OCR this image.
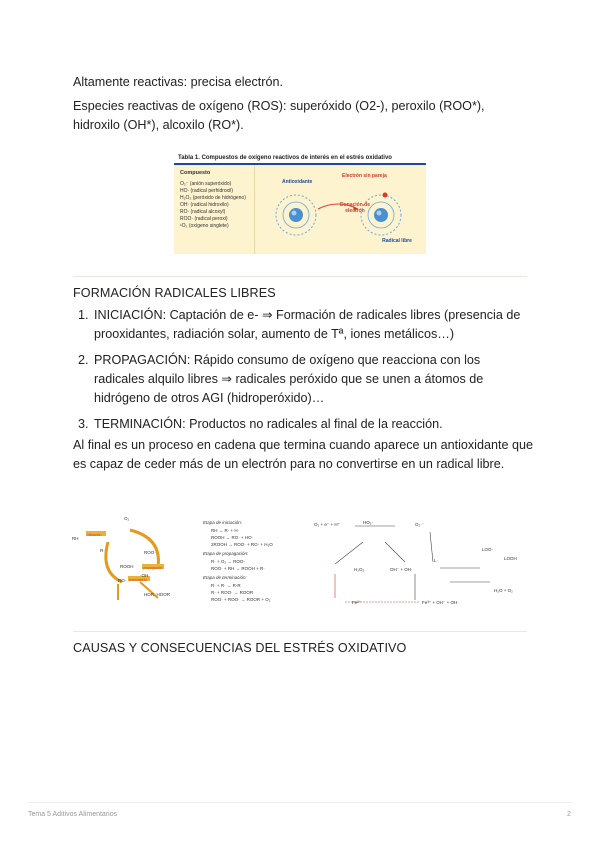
Altamente reactivas: precisa electrón.

Especies reactivas de oxígeno (ROS): superóxido (O2-), peroxilo (ROO*), hidroxilo (OH*), alcoxilo (RO*).

Tabla 1. Compuestos de oxígeno reactivos de interés en el estrés oxidativo
Compuesto
O₂⁻ (anión superóxido)
HO· (radical perhidroxil)
H₂O₂ (peróxido de hidrógeno)
OH· (radical hidroxilo)
RO· (radical alcoxyl)
ROO· (radical peroxi)
¹O₂ (oxígeno singlete)
Antioxidante
Electrón sin pareja
Donación de electrón
Radical libre
FORMACIÓN RADICALES LIBRES
1. INICIACIÓN: Captación de e- ⇒ Formación de radicales libres (presencia de prooxidantes, radiación solar, aumento de Tª, iones metálicos…)
2. PROPAGACIÓN: Rápido consumo de oxígeno que reacciona con los radicales alquilo libres ⇒ radicales peróxido que se unen a átomos de hidrógeno de otros AGI (hidroperóxido)…
3. TERMINACIÓN: Productos no radicales al final de la reacción.

Al final es un proceso en cadena que termina cuando aparece un antioxidante que es capaz de ceder más de un electrón para no convertirse en un radical libre.

RH
O₂
R·	ROO·
ROOH
RO·
·OH
HOR, HOOR
iniciación
propagación
terminación
Etapa de iniciación:
RH → R· + H·
ROOH → RO· + HO·
2ROOH → ROO· + RO· + H₂O
Etapa de propagación:
R· + O₂ → ROO·
ROO· + RH → ROOH + R·
Etapa de terminación:
R· + R· → R-R
R· + ROO· → ROOR
ROO· + ROO· → ROOR + O₂
O₂ + e⁻ + H⁺	HO₂·	O₂·⁻
H₂O₂	OH⁻ + OH·
Fe²⁺
L·
LOO·
LOOH
Fe³⁺ + OH⁻ + OH·
H₂O + O₂
CAUSAS Y CONSECUENCIAS DEL ESTRÉS OXIDATIVO
Tema 5 Aditivos Alimentarios	2
